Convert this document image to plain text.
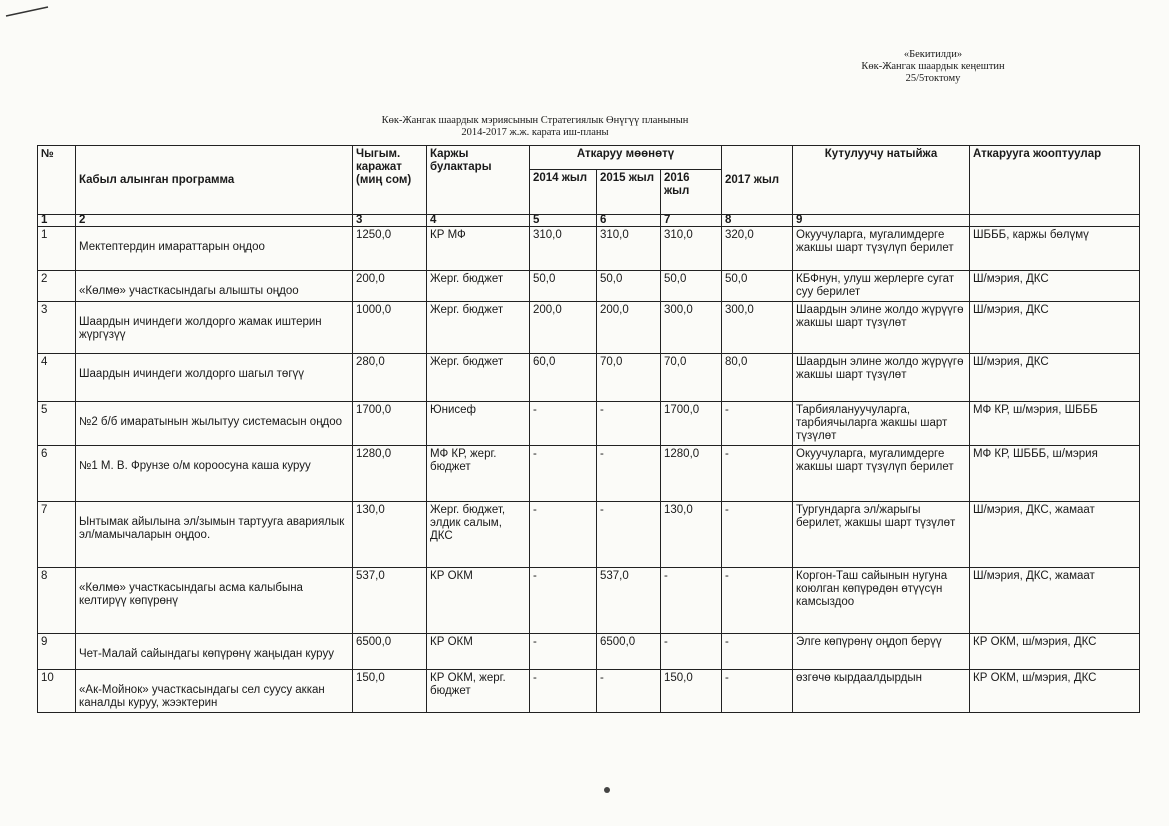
«Бекитилди»
Көк-Жангак шаардык кеңештин
25/5токтому
Көк-Жангак шаардык мэриясынын Стратегиялык Өнүгүү планынын
2014-2017 ж.ж. карата иш-планы
№	Кабыл алынган программа	Чыгым. каражат (миң сом)	Каржы булактары	Аткаруу мөөнөтү			2017 жыл	Кутулуучу натыйжа	Аткарууга жооптуулар
				2014 жыл	2015 жыл	2016 жыл			
1	2	3	4	5	6	7	8	9	
1	Мектептердин имараттарын оңдоо	1250,0	КР МФ	310,0	310,0	310,0	320,0	Окуучуларга, мугалимдерге жакшы шарт түзүлүп берилет	ШБББ, каржы бөлүмү
2	«Көлмө» участкасындагы алышты оңдоо	200,0	Жерг. бюджет	50,0	50,0	50,0	50,0	КБФнун, улуш жерлерге сугат суу берилет	Ш/мэрия, ДКС
3	Шаардын ичиндеги жолдорго жамак иштерин жүргүзүү	1000,0	Жерг. бюджет	200,0	200,0	300,0	300,0	Шаардын элине жолдо жүрүүгө жакшы шарт түзүлөт	Ш/мэрия, ДКС
4	Шаардын ичиндеги жолдорго шагыл төгүү	280,0	Жерг. бюджет	60,0	70,0	70,0	80,0	Шаардын элине жолдо жүрүүгө жакшы шарт түзүлөт	Ш/мэрия, ДКС
5	№2 б/б имаратынын жылытуу системасын оңдоо	1700,0	Юнисеф	-	-	1700,0	-	Тарбиялануучуларга, тарбиячыларга жакшы шарт түзүлөт	МФ КР, ш/мэрия, ШБББ
6	№1 М. В. Фрунзе о/м короосуна каша куруу	1280,0	МФ КР, жерг. бюджет	-	-	1280,0	-	Окуучуларга, мугалимдерге жакшы шарт түзүлүп берилет	МФ КР, ШБББ, ш/мэрия
7	Ынтымак айылына эл/зымын тартууга авариялык эл/мамычаларын оңдоо.	130,0	Жерг. бюджет, элдик салым, ДКС	-	-	130,0	-	Тургундарга эл/жарыгы берилет, жакшы шарт түзүлөт	Ш/мэрия, ДКС, жамаат
8	«Көлмө» участкасындагы асма калыбына келтирүү көпүрөнү	537,0	КР ОКМ	-	537,0	-	-	Коргон-Таш сайынын нугуна коюлган көпүрөдөн өтүүсүн камсыздоо	Ш/мэрия, ДКС, жамаат
9	Чет-Малай сайындагы көпүрөнү жаңыдан куруу	6500,0	КР ОКМ	-	6500,0	-	-	Элге көпүрөнү оңдоп берүү	КР ОКМ, ш/мэрия, ДКС
10	«Ак-Мойнок» участкасындагы сел суусу аккан каналды куруу, жээктерин	150,0	КР ОКМ, жерг. бюджет	-	-	150,0	-	өзгөчө кырдаалдырдын	КР ОКМ, ш/мэрия, ДКС
